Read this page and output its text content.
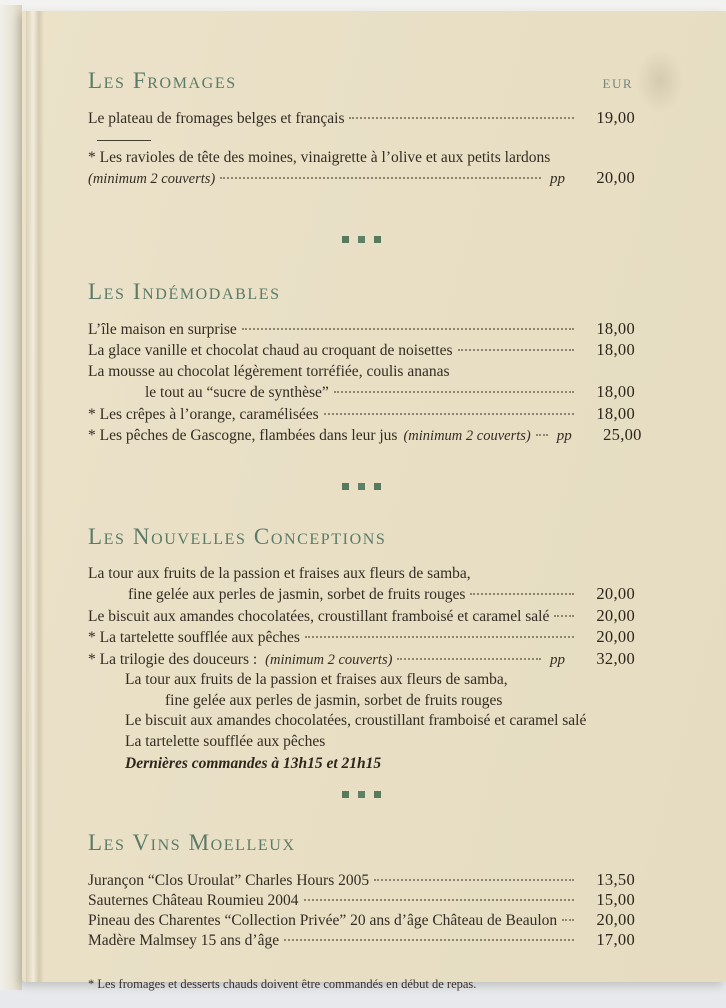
Les Fromages	EUR
Le plateau de fromages belges et français	19,00
* Les ravioles de tête des moines, vinaigrette à l’olive et aux petits lardons
(minimum 2 couverts)	pp	20,00
Les Indémodables
L’île maison en surprise	18,00
La glace vanille et chocolat chaud au croquant de noisettes	18,00
La mousse au chocolat légèrement torréfiée, coulis ananas
le tout au “sucre de synthèse”	18,00
* Les crêpes à l’orange, caramélisées	18,00
* Les pêches de Gascogne, flambées dans leur jus (minimum 2 couverts) pp	25,00
Les Nouvelles Conceptions
La tour aux fruits de la passion et fraises aux fleurs de samba,
fine gelée aux perles de jasmin, sorbet de fruits rouges	20,00
Le biscuit aux amandes chocolatées, croustillant framboisé et caramel salé	20,00
* La tartelette soufflée aux pêches	20,00
* La trilogie des douceurs : (minimum 2 couverts)	pp	32,00
La tour aux fruits de la passion et fraises aux fleurs de samba,
fine gelée aux perles de jasmin, sorbet de fruits rouges
Le biscuit aux amandes chocolatées, croustillant framboisé et caramel salé
La tartelette soufflée aux pêches
Dernières commandes à 13h15 et 21h15
Les Vins Moelleux
Jurançon “Clos Uroulat” Charles Hours 2005	13,50
Sauternes Château Roumieu 2004	15,00
Pineau des Charentes “Collection Privée” 20 ans d’âge Château de Beaulon	20,00
Madère Malmsey 15 ans d’âge	17,00
* Les fromages et desserts chauds doivent être commandés en début de repas.
